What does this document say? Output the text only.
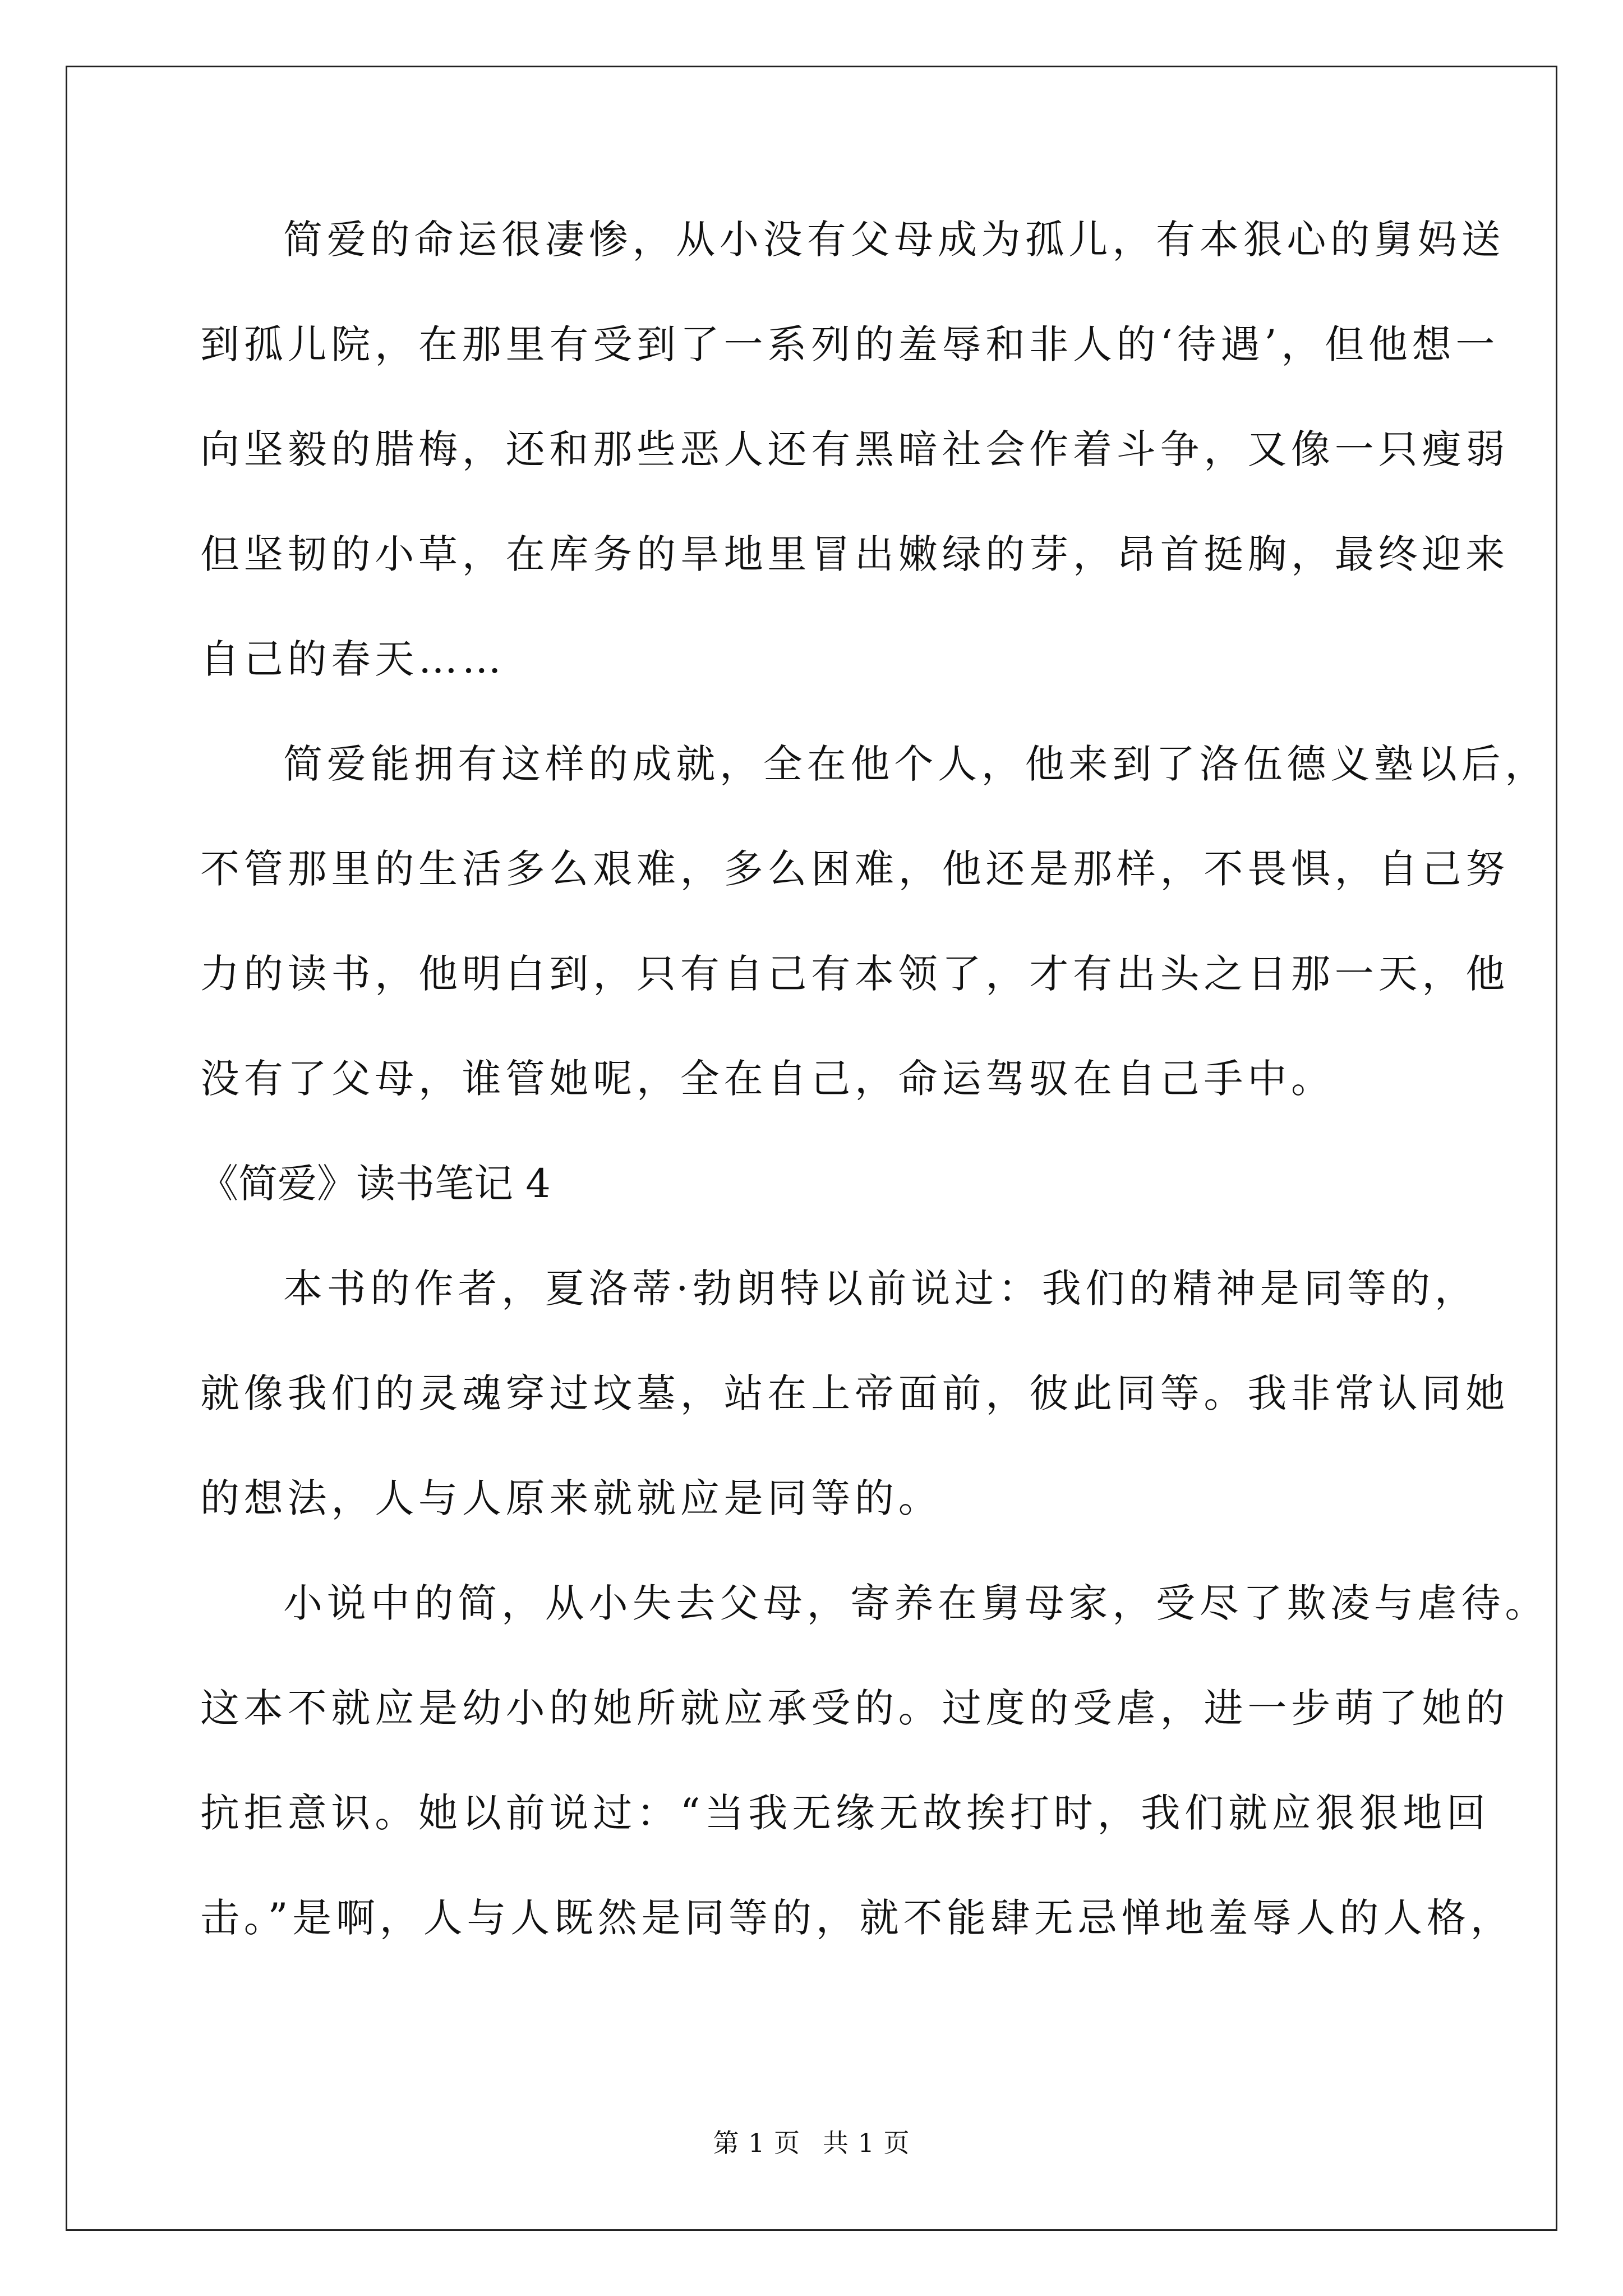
简爱的命运很凄惨，从小没有父母成为孤儿，有本狠心的舅妈送
到孤儿院，在那里有受到了一系列的羞辱和非人的‘待遇’，但他想一
向坚毅的腊梅，还和那些恶人还有黑暗社会作着斗争，又像一只瘦弱
但坚韧的小草，在库务的旱地里冒出嫩绿的芽，昂首挺胸，最终迎来
自己的春天……
简爱能拥有这样的成就，全在他个人，他来到了洛伍德义塾以后，
不管那里的生活多么艰难，多么困难，他还是那样，不畏惧，自己努
力的读书，他明白到，只有自己有本领了，才有出头之日那一天，他
没有了父母，谁管她呢，全在自己，命运驾驭在自己手中。
《简爱》读书笔记 4
本书的作者，夏洛蒂·勃朗特以前说过：我们的精神是同等的，
就像我们的灵魂穿过坟墓，站在上帝面前，彼此同等。我非常认同她
的想法，人与人原来就就应是同等的。
小说中的简，从小失去父母，寄养在舅母家，受尽了欺凌与虐待。
这本不就应是幼小的她所就应承受的。过度的受虐，进一步萌了她的
抗拒意识。她以前说过：“当我无缘无故挨打时，我们就应狠狠地回
击。”是啊，人与人既然是同等的，就不能肆无忌惮地羞辱人的人格，
第 1 页 共 1 页
